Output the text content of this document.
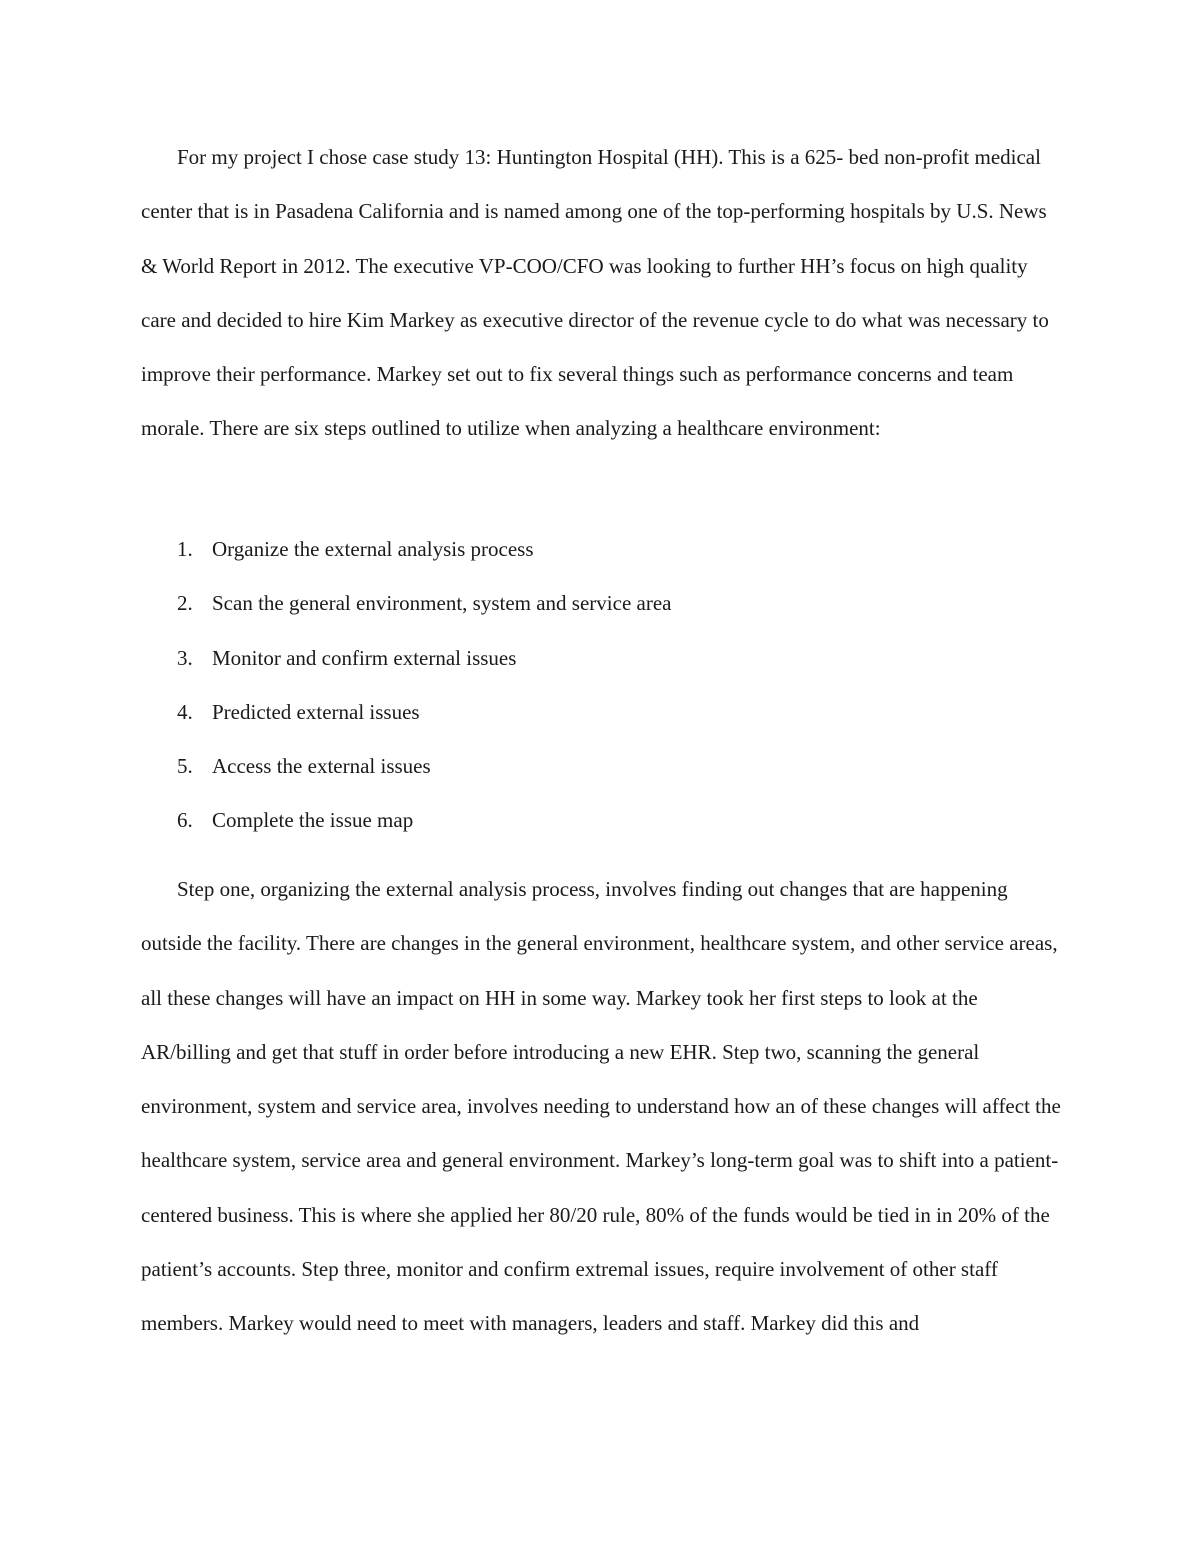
For my project I chose case study 13: Huntington Hospital (HH). This is a 625- bed non-profit medical center that is in Pasadena California and is named among one of the top-performing hospitals by U.S. News & World Report in 2012. The executive VP-COO/CFO was looking to further HH’s focus on high quality care and decided to hire Kim Markey as executive director of the revenue cycle to do what was necessary to improve their performance. Markey set out to fix several things such as performance concerns and team morale. There are six steps outlined to utilize when analyzing a healthcare environment:

1. Organize the external analysis process
2. Scan the general environment, system and service area
3. Monitor and confirm external issues
4. Predicted external issues
5. Access the external issues
6. Complete the issue map

Step one, organizing the external analysis process, involves finding out changes that are happening outside the facility. There are changes in the general environment, healthcare system, and other service areas, all these changes will have an impact on HH in some way. Markey took her first steps to look at the AR/billing and get that stuff in order before introducing a new EHR. Step two, scanning the general environment, system and service area, involves needing to understand how an of these changes will affect the healthcare system, service area and general environment. Markey’s long-term goal was to shift into a patient-centered business. This is where she applied her 80/20 rule, 80% of the funds would be tied in in 20% of the patient’s accounts. Step three, monitor and confirm extremal issues, require involvement of other staff members. Markey would need to meet with managers, leaders and staff. Markey did this and
